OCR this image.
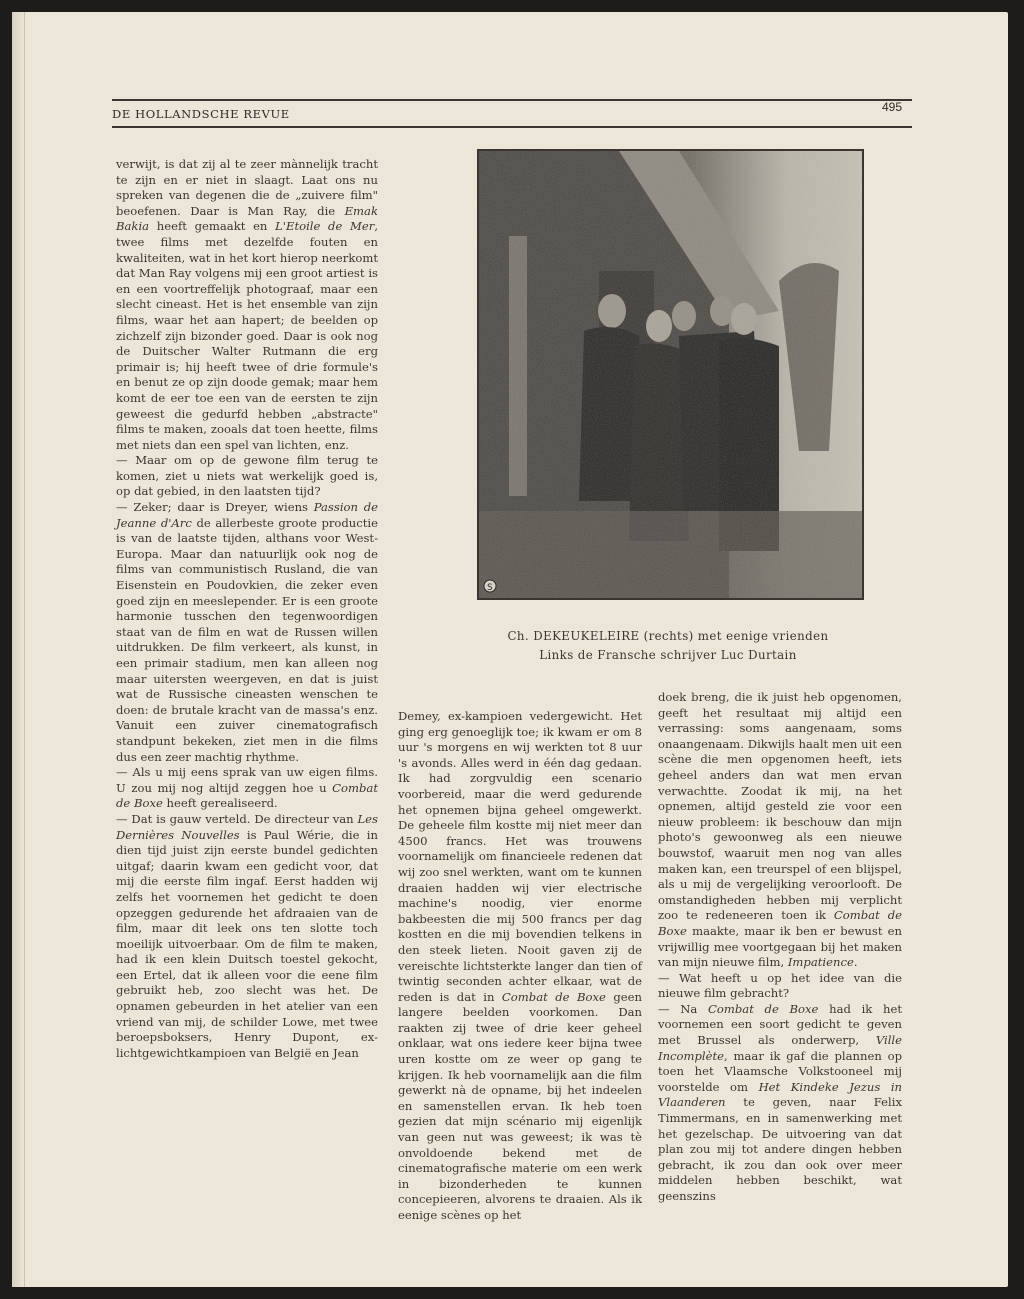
DE HOLLANDSCHE REVUE	495

verwijt, is dat zij al te zeer mànnelijk tracht te zijn en er niet in slaagt. Laat ons nu spreken van degenen die de „zuivere film" beoefenen. Daar is Man Ray, die Emak Bakia heeft gemaakt en L'Etoile de Mer, twee films met dezelfde fouten en kwaliteiten, wat in het kort hierop neerkomt dat Man Ray volgens mij een groot artiest is en een voortreffelijk photograaf, maar een slecht cineast. Het is het ensemble van zijn films, waar het aan hapert; de beelden op zichzelf zijn bizonder goed. Daar is ook nog de Duitscher Walter Rutmann die erg primair is; hij heeft twee of drie formule's en benut ze op zijn doode gemak; maar hem komt de eer toe een van de eersten te zijn geweest die gedurfd hebben „abstracte" films te maken, zooals dat toen heette, films met niets dan een spel van lichten, enz.

— Maar om op de gewone film terug te komen, ziet u niets wat werkelijk goed is, op dat gebied, in den laatsten tijd?

— Zeker; daar is Dreyer, wiens Passion de Jeanne d'Arc de allerbeste groote productie is van de laatste tijden, althans voor West-Europa. Maar dan natuurlijk ook nog de films van communistisch Rusland, die van Eisenstein en Poudovkien, die zeker even goed zijn en meeslepender. Er is een groote harmonie tusschen den tegenwoordigen staat van de film en wat de Russen willen uitdrukken. De film verkeert, als kunst, in een primair stadium, men kan alleen nog maar uitersten weergeven, en dat is juist wat de Russische cineasten wenschen te doen: de brutale kracht van de massa's enz. Vanuit een zuiver cinematografisch standpunt bekeken, ziet men in die films dus een zeer machtig rhythme.

— Als u mij eens sprak van uw eigen films. U zou mij nog altijd zeggen hoe u Combat de Boxe heeft gerealiseerd.

— Dat is gauw verteld. De directeur van Les Dernières Nouvelles is Paul Wérie, die in dien tijd juist zijn eerste bundel gedichten uitgaf; daarin kwam een gedicht voor, dat mij die eerste film ingaf. Eerst hadden wij zelfs het voornemen het gedicht te doen opzeggen gedurende het afdraaien van de film, maar dit leek ons ten slotte toch moeilijk uitvoerbaar. Om de film te maken, had ik een klein Duitsch toestel gekocht, een Ertel, dat ik alleen voor die eene film gebruikt heb, zoo slecht was het. De opnamen gebeurden in het atelier van een vriend van mij, de schilder Lowe, met twee beroepsboksers, Henry Dupont, ex-lichtgewichtkampioen van België en Jean

S
Ch. DEKEUKELEIRE (rechts) met eenige vrienden
Links de Fransche schrijver Luc Durtain

Demey, ex-kampioen vedergewicht. Het ging erg genoeglijk toe; ik kwam er om 8 uur 's morgens en wij werkten tot 8 uur 's avonds. Alles werd in één dag gedaan. Ik had zorgvuldig een scenario voorbereid, maar die werd gedurende het opnemen bijna geheel omgewerkt. De geheele film kostte mij niet meer dan 4500 francs. Het was trouwens voornamelijk om financieele redenen dat wij zoo snel werkten, want om te kunnen draaien hadden wij vier electrische machine's noodig, vier enorme bakbeesten die mij 500 francs per dag kostten en die mij bovendien telkens in den steek lieten. Nooit gaven zij de vereischte lichtsterkte langer dan tien of twintig seconden achter elkaar, wat de reden is dat in Combat de Boxe geen langere beelden voorkomen. Dan raakten zij twee of drie keer geheel onklaar, wat ons iedere keer bijna twee uren kostte om ze weer op gang te krijgen. Ik heb voornamelijk aan die film gewerkt nà de opname, bij het indeelen en samenstellen ervan. Ik heb toen gezien dat mijn scénario mij eigenlijk van geen nut was geweest; ik was tè onvoldoende bekend met de cinematografische materie om een werk in bizonderheden te kunnen concepieeren, alvorens te draaien. Als ik eenige scènes op het

doek breng, die ik juist heb opgenomen, geeft het resultaat mij altijd een verrassing: soms aangenaam, soms onaangenaam. Dikwijls haalt men uit een scène die men opgenomen heeft, iets geheel anders dan wat men ervan verwachtte. Zoodat ik mij, na het opnemen, altijd gesteld zie voor een nieuw probleem: ik beschouw dan mijn photo's gewoonweg als een nieuwe bouwstof, waaruit men nog van alles maken kan, een treurspel of een blijspel, als u mij de vergelijking veroorlooft. De omstandigheden hebben mij verplicht zoo te redeneeren toen ik Combat de Boxe maakte, maar ik ben er bewust en vrijwillig mee voortgegaan bij het maken van mijn nieuwe film, Impatience.

— Wat heeft u op het idee van die nieuwe film gebracht?

— Na Combat de Boxe had ik het voornemen een soort gedicht te geven met Brussel als onderwerp, Ville Incomplète, maar ik gaf die plannen op toen het Vlaamsche Volkstooneel mij voorstelde om Het Kindeke Jezus in Vlaanderen te geven, naar Felix Timmermans, en in samenwerking met het gezelschap. De uitvoering van dat plan zou mij tot andere dingen hebben gebracht, ik zou dan ook over meer middelen hebben beschikt, wat geenszins
